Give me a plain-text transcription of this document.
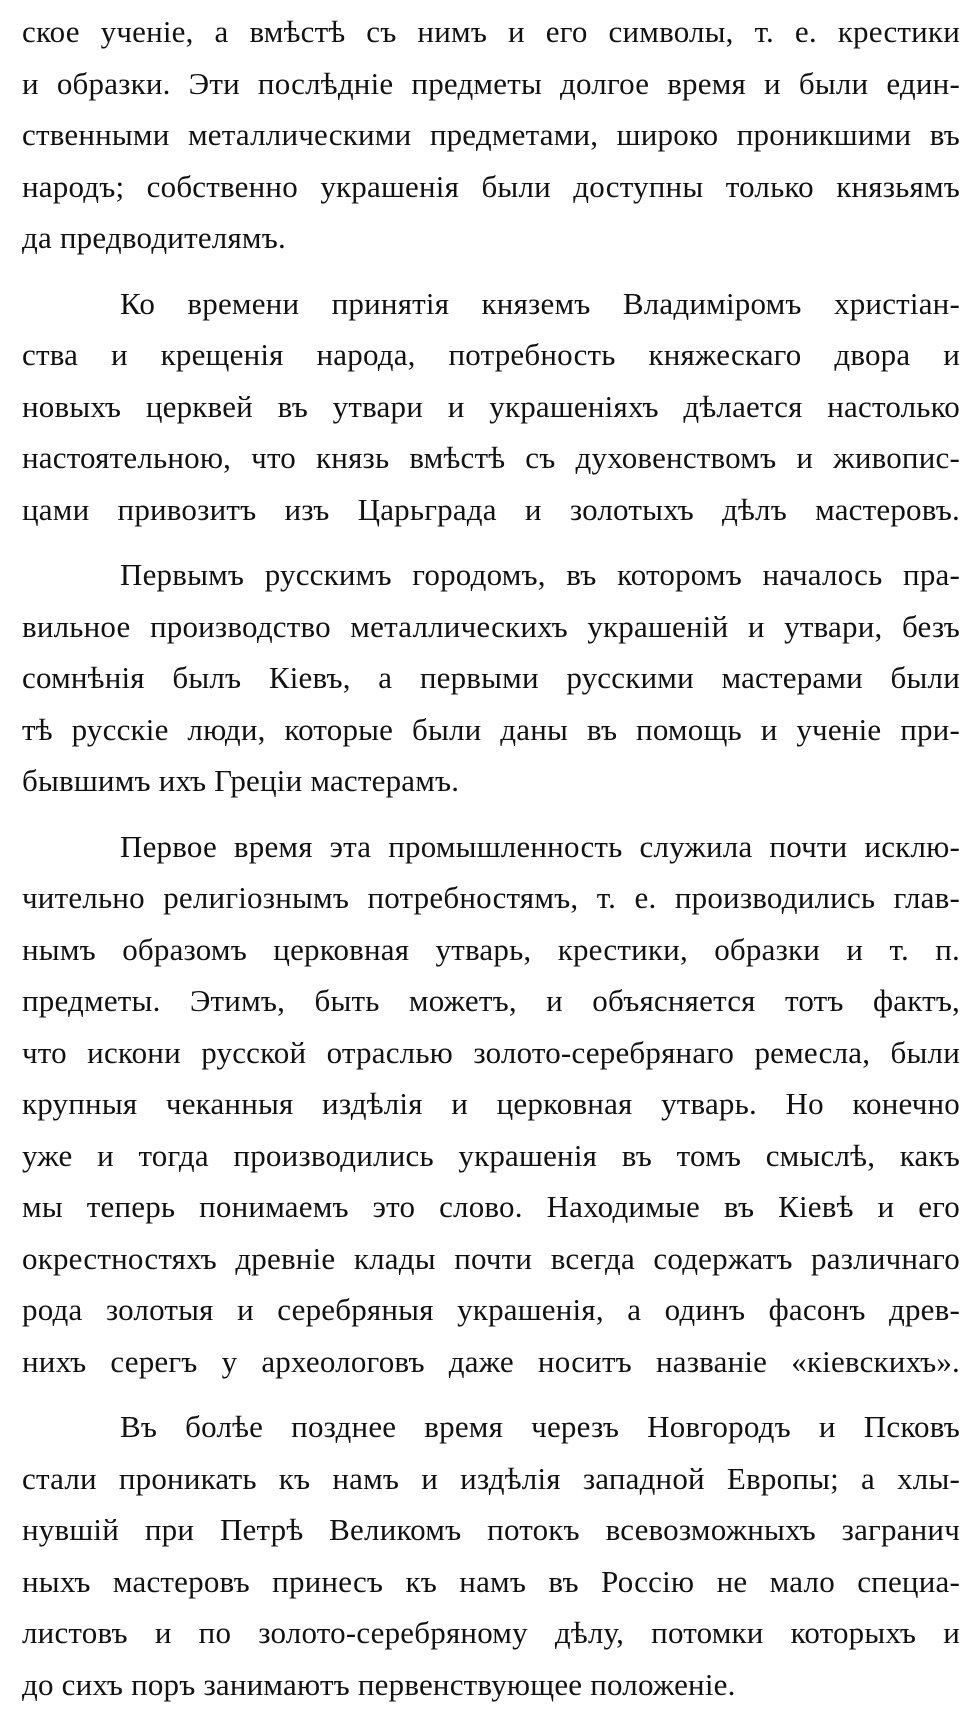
ское ученіе, а вмѣстѣ съ нимъ и его символы, т. е. крестики
и образки. Эти послѣдніе предметы долгое время и были един-
ственными металлическими предметами, широко проникшими въ
народъ; собственно украшенія были доступны только князьямъ
да предводителямъ.
Ко времени принятія княземъ Владиміромъ христіан-
ства и крещенія народа, потребность княжескаго двора и
новыхъ церквей въ утвари и украшеніяхъ дѣлается настолько
настоятельною, что князь вмѣстѣ съ духовенствомъ и живопис-
цами привозитъ изъ Царьграда и золотыхъ дѣлъ мастеровъ.
Первымъ русскимъ городомъ, въ которомъ началось пра-
вильное производство металлическихъ украшеній и утвари, безъ
сомнѣнія былъ Кіевъ, а первыми русскими мастерами были
тѣ русскіе люди, которые были даны въ помощь и ученіе при-
бывшимъ ихъ Греціи мастерамъ.
Первое время эта промышленность служила почти исклю-
чительно религіознымъ потребностямъ, т. е. производились глав-
нымъ образомъ церковная утварь, крестики, образки и т. п.
предметы. Этимъ, быть можетъ, и объясняется тотъ фактъ,
что искони русской отраслью золото-серебрянаго ремесла, были
крупныя чеканныя издѣлія и церковная утварь. Но конечно
уже и тогда производились украшенія въ томъ смыслѣ, какъ
мы теперь понимаемъ это слово. Находимые въ Кіевѣ и его
окрестностяхъ древніе клады почти всегда содержатъ различнаго
рода золотыя и серебряныя украшенія, а одинъ фасонъ древ-
нихъ серегъ у археологовъ даже носитъ названіе «кіевскихъ».
Въ болѣе позднее время черезъ Новгородъ и Псковъ
стали проникать къ намъ и издѣлія западной Европы; а хлы-
нувшій при Петрѣ Великомъ потокъ всевозможныхъ загранич
ныхъ мастеровъ принесъ къ намъ въ Россію не мало специа-
листовъ и по золото-серебряному дѣлу, потомки которыхъ и
до сихъ поръ занимаютъ первенствующее положеніе.
